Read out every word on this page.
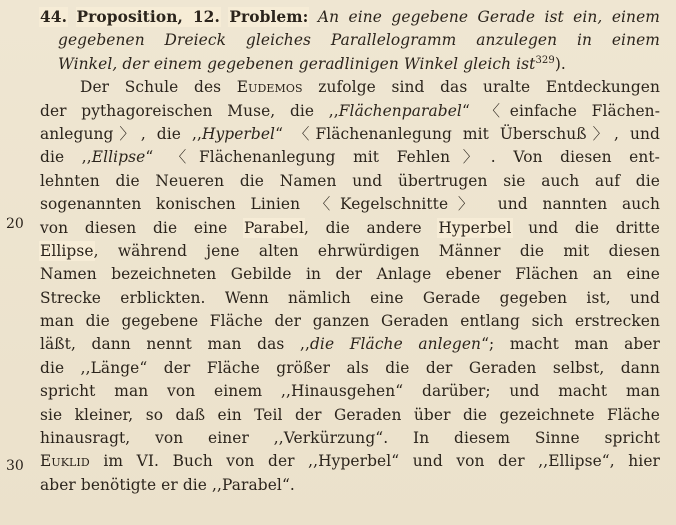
20
30
44. Proposition, 12. Problem: An eine gegebene Gerade ist ein, einem
gegebenen Dreieck gleiches Parallelogramm anzulegen in einem
Winkel, der einem gegebenen geradlinigen Winkel gleich ist$^{329}$).
Der Schule des Eudemos zufolge sind das uralte Entdeckungen
der pythagoreischen Muse, die ,,Flächenparabel“ 〈einfache Flächen-
anlegung〉, die ,,Hyperbel“ 〈Flächenanlegung mit Überschuß〉, und
die ,,Ellipse“ 〈Flächenanlegung mit Fehlen〉. Von diesen ent-
lehnten die Neueren die Namen und übertrugen sie auch auf die
sogenannten konischen Linien 〈Kegelschnitte〉 und nannten auch
von diesen die eine Parabel, die andere Hyperbel und die dritte
Ellipse, während jene alten ehrwürdigen Männer die mit diesen
Namen bezeichneten Gebilde in der Anlage ebener Flächen an eine
Strecke erblickten. Wenn nämlich eine Gerade gegeben ist, und
man die gegebene Fläche der ganzen Geraden entlang sich erstrecken
läßt, dann nennt man das ,,die Fläche anlegen“; macht man aber
die ,,Länge“ der Fläche größer als die der Geraden selbst, dann
spricht man von einem ,,Hinausgehen“ darüber; und macht man
sie kleiner, so daß ein Teil der Geraden über die gezeichnete Fläche
hinausragt, von einer ,,Verkürzung“. In diesem Sinne spricht
Euklid im VI. Buch von der ,,Hyperbel“ und von der ,,Ellipse“, hier
aber benötigte er die ,,Parabel“.
